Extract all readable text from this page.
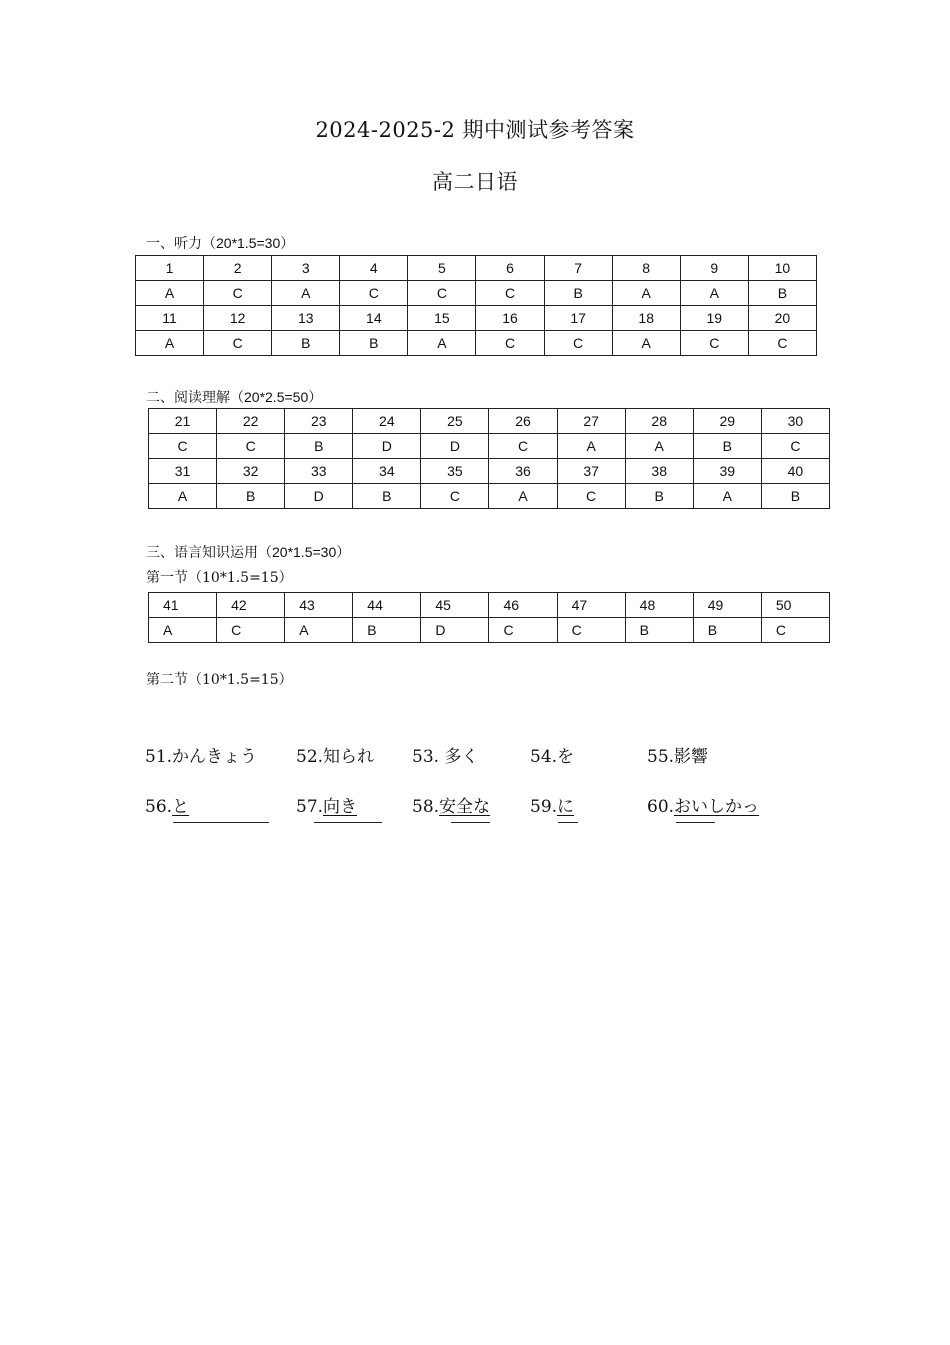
2024-2025-2 期中测试参考答案
高二日语
一、听力（20*1.5=30）
1	2	3	4	5	6	7	8	9	10
A	C	A	C	C	C	B	A	A	B
11	12	13	14	15	16	17	18	19	20
A	C	B	B	A	C	C	A	C	C
二、阅读理解（20*2.5=50）
21	22	23	24	25	26	27	28	29	30
C	C	B	D	D	C	A	A	B	C
31	32	33	34	35	36	37	38	39	40
A	B	D	B	C	A	C	B	A	B
三、语言知识运用（20*1.5=30）
第一节（10*1.5=15）
41	42	43	44	45	46	47	48	49	50
A	C	A	B	D	C	C	B	B	C
第二节（10*1.5=15）
51.かんきょう 52.知られ 53. 多く	54.を	55.影響
56.と	57.向き	58.安全な 59.に	60.おいしかっ
